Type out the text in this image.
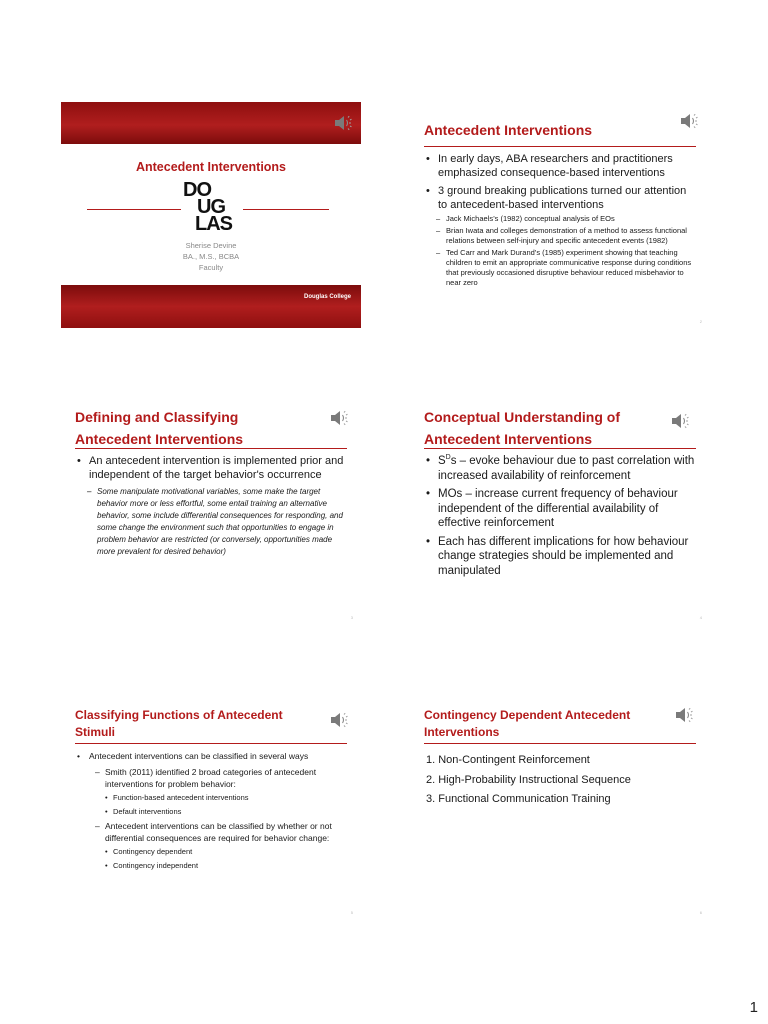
Antecedent Interventions
DO
UG
LAS
Sherise Devine
BA., M.S., BCBA
Faculty
Douglas College
Antecedent Interventions
• In early days, ABA researchers and practitioners emphasized consequence-based interventions
• 3 ground breaking publications turned our attention to antecedent-based interventions
– Jack Michaels’s (1982) conceptual analysis of EOs
– Brian Iwata and colleges demonstration of a method to assess functional relations between self-injury and specific antecedent events (1982)
– Ted Carr and Mark Durand’s (1985) experiment showing that teaching children to emit an appropriate communicative response during conditions that previously occasioned disruptive behaviour reduced misbehavior to near zero
2
Defining and Classifying
Antecedent Interventions
• An antecedent intervention is implemented prior and independent of the target behavior's occurrence
– Some manipulate motivational variables, some make the target behavior more or less effortful, some entail training an alternative behavior, some include differential consequences for responding, and some change the environment such that opportunities to engage in problem behavior are restricted (or conversely, opportunities made more prevalent for desired behavior)
3
Conceptual Understanding of
Antecedent Interventions
• $S^Ds$ – evoke behaviour due to past correlation with increased availability of reinforcement
• MOs – increase current frequency of behaviour independent of the differential availability of effective reinforcement
• Each has different implications for how behaviour change strategies should be implemented and manipulated
4
Classifying Functions of Antecedent
Stimuli
• Antecedent interventions can be classified in several ways
– Smith (2011) identified 2 broad categories of antecedent interventions for problem behavior:
• Function-based antecedent interventions
• Default interventions
– Antecedent interventions can be classified by whether or not differential consequences are required for behavior change:
• Contingency dependent
• Contingency independent
5
Contingency Dependent Antecedent
Interventions
1. Non-Contingent Reinforcement
2. High-Probability Instructional Sequence
3. Functional Communication Training
6
1
